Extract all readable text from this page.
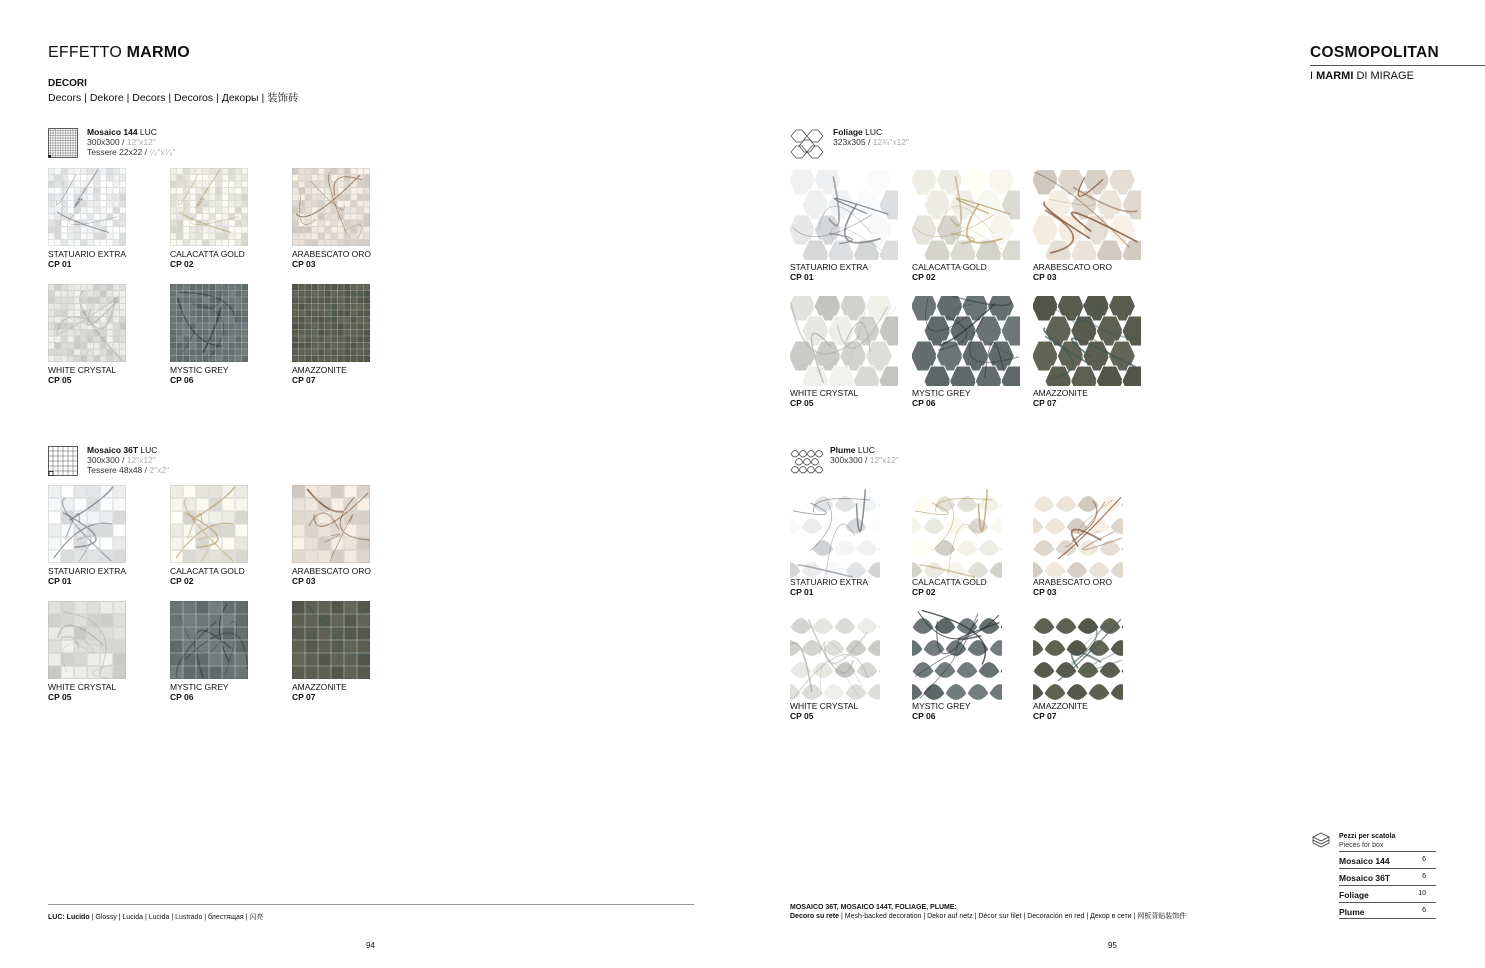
EFFETTO MARMO
DECORI
Decors | Dekore | Decors | Decoros | Декоры | 装饰砖
COSMOPOLITAN
I MARMI DI MIRAGE
Mosaico 144 LUC
300x300 / 12"x12"
Tessere 22x22 / ⁷⁄₈"x⁷⁄₈"
STATUARIO EXTRA
CP 01
CALACATTA GOLD
CP 02
ARABESCATO ORO
CP 03
WHITE CRYSTAL
CP 05
MYSTIC GREY
CP 06
AMAZZONITE
CP 07
Mosaico 36T LUC
300x300 / 12"x12"
Tessere 48x48 / 2"x2"
STATUARIO EXTRA
CP 01
CALACATTA GOLD
CP 02
ARABESCATO ORO
CP 03
WHITE CRYSTAL
CP 05
MYSTIC GREY
CP 06
AMAZZONITE
CP 07
Foliage LUC
323x305 / 12¾"x12"
STATUARIO EXTRA
CP 01
CALACATTA GOLD
CP 02
ARABESCATO ORO
CP 03
WHITE CRYSTAL
CP 05
MYSTIC GREY
CP 06
AMAZZONITE
CP 07
Plume LUC
300x300 / 12"x12"
STATUARIO EXTRA
CP 01
CALACATTA GOLD
CP 02
ARABESCATO ORO
CP 03
WHITE CRYSTAL
CP 05
MYSTIC GREY
CP 06
AMAZZONITE
CP 07
Pezzi per scatola
Pieces for box
Mosaico 144	6
Mosaico 36T	6
Foliage	10
Plume	6
LUC: Lucido | Glossy | Lucida | Lucida | Lustrado | блестящая | 闪亮
MOSAICO 36T, MOSAICO 144T, FOLIAGE, PLUME:
Decoro su rete | Mesh-backed decoration | Dekor auf netz | Décor sur filet | Decoración en red | Декор в сети | 网板背贴装饰件
94	95
